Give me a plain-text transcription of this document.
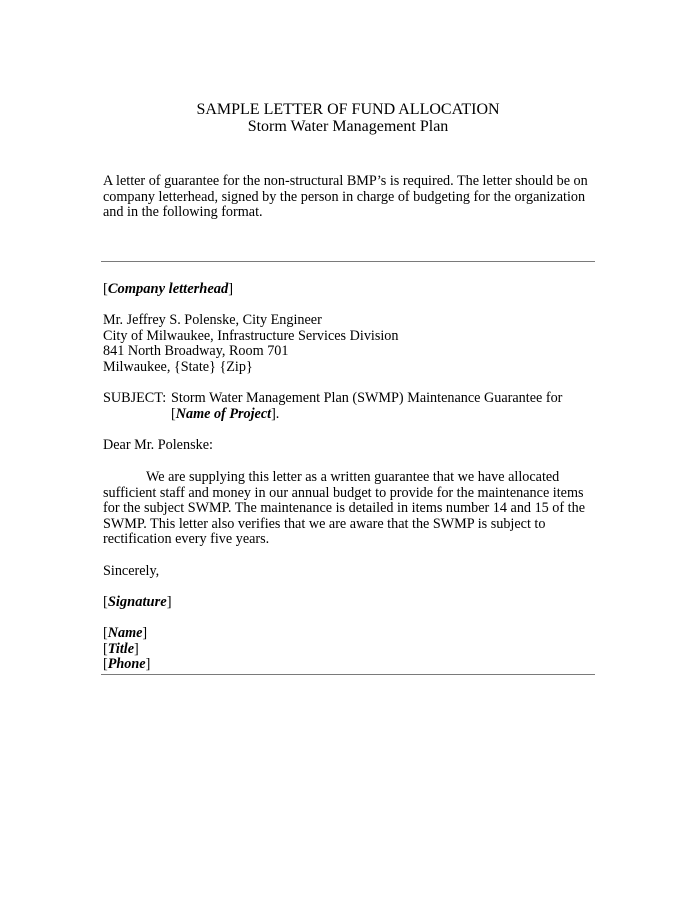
SAMPLE LETTER OF FUND ALLOCATION
Storm Water Management Plan
A letter of guarantee for the non-structural BMP’s is required. The letter should be on company letterhead, signed by the person in charge of budgeting for the organization and in the following format.
[Company letterhead]
Mr. Jeffrey S. Polenske, City Engineer
City of Milwaukee, Infrastructure Services Division
841 North Broadway, Room 701
Milwaukee, {State} {Zip}
SUBJECT: Storm Water Management Plan (SWMP) Maintenance Guarantee for
[Name of Project].
Dear Mr. Polenske:
We are supplying this letter as a written guarantee that we have allocated
sufficient staff and money in our annual budget to provide for the maintenance items for the subject SWMP. The maintenance is detailed in items number 14 and 15 of the SWMP. This letter also verifies that we are aware that the SWMP is subject to rectification every five years.
Sincerely,
[Signature]
[Name]
[Title]
[Phone]
